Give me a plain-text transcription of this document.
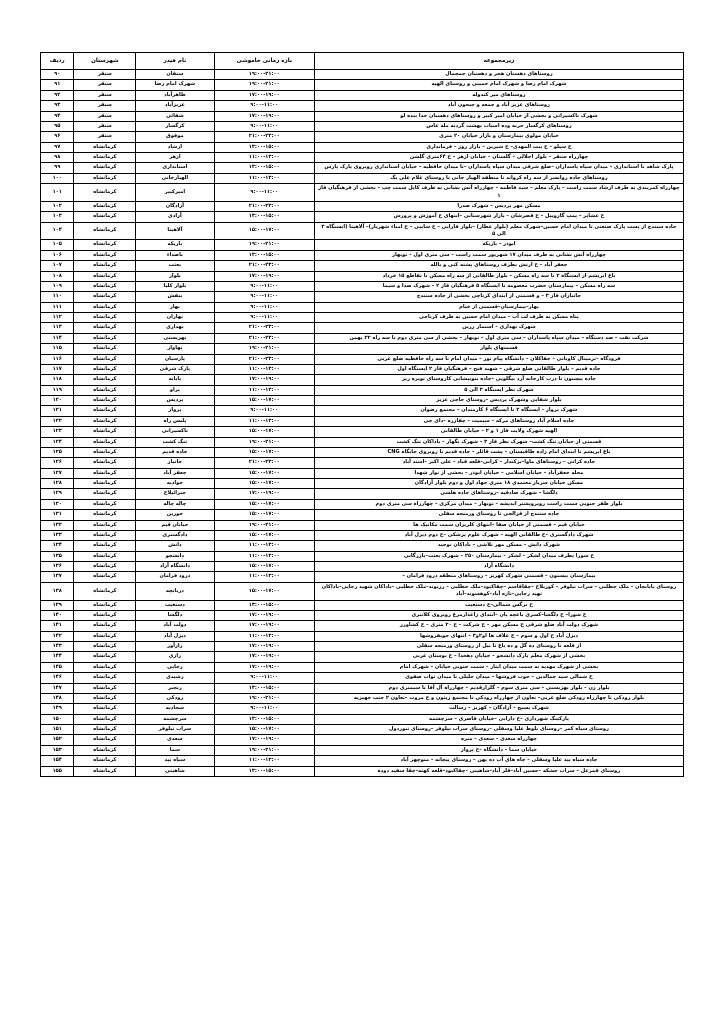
زیرمجموعه	بازه زمانی خاموشی	نام فیدر	شهرستان	ردیف
روستاهای دهستان هجر و دهستان جمجمال	۱۹:۰۰-۲۱:۰۰	سنقان	سنقر	۹۰
شهرک امام رضا و شهرک امام خمینی و روستای الهیه	۱۹:۰۰-۲۱:۰۰	شهرک امام رضا	سنقر	۹۱
روستاهای میر کندوله	۱۷:۰۰-۱۹:۰۰	طاهرآباد	سنقر	۹۲
روستاهای عزیز آباد و جمعه و جیحون آباد	۹:۰۰-۱۱:۰۰	عزیزآباد	سنقر	۹۳
شهرک تاکسیرانی و بخشی از خیابان امیر کبیر و روستاهای دهستان خدا بنده لو	۱۷:۰۰-۱۹:۰۰	شفائی	سنقر	۹۴
روستاهای کرگسار حربه وده اسباب بهشت گردنه مله عاس	۹:۰۰-۱۱:۰۰	کرگسار	سنقر	۹۵
خیابان مولوی بیمارستان و بازار خیابان ۲۰ متری	۲۱:۰۰-۲۳:۰۰	موفوق	سنقر	۹۶
خ سیلو – خ بیت المهدی– خ شیرین – بازار روز – فرمانداری	۱۳:۰۰-۱۵:۰۰	ارشاد	کرمانشاه	۹۷
چهارراه سنقر – بلوار اجلالی – گلستان – خیابان ازهر – خ ۶۴متری گلشن	۱۱:۰۰-۱۳:۰۰	ازهر	کرمانشاه	۹۸
پارک شاهد تا استانداری – میدان سپاه پاسداران –ضلع شرقی میدان سپاه پاسداران –تا میدان حافظیه – خیابان استانداری روبروی پارک پارس	۱۳:۰۰-۱۵:۰۰	استانداری	کرمانشاه	۹۹
روستاهای جاده روانسر از سه راه کرواند تا منطقه الهیار خانی تا روستای غلام علی بگ	۱۱:۰۰-۱۳:۰۰	الهیارخانی	کرمانشاه	۱۰۰
چهارراه کمربندی به طرف ارشاد سمت راست – پارک معلم – سید فاطمه – چهارراه آتش نشانی به طرف کابل سمت چپ – بخشی از فرهنگیان فاز ۱	۹:۰۰-۱۱:۰۰	امیرکبیر	کرمانشاه	۱۰۱
مسکن مهر پردیس – شهرک صدرا	۲۱:۰۰-۲۳:۰۰	آزادگان	کرمانشاه	۱۰۲
خ عشایر – پمپ گازوییل – خ قصرشان – بازار شهرستانی –انتهای خ آموزش و پرورش	۱۳:۰۰-۱۵:۰۰	آزادی	کرمانشاه	۱۰۳
جاده سنندج از پست پارک صنعتی تا میدان امام حسین–شهرک معلم (بلوار عطار) –بلوار فارابی – خ ساببی – خ امناء شهریار)– آلاهینا (ایستگاه ۳ الی ۵	۱۵:۰۰-۱۷:۰۰	آلاهینا	کرمانشاه	۱۰۴
ابوذر – باریکه	۱۹:۰۰-۲۱:۰۰	باریکه	کرمانشاه	۱۰۵
چهارراه آتش نشانی به طرف میدان ۱۷ شهریور سمت راست – سی متری اول – نوبهار	۱۳:۰۰-۱۵:۰۰	باصداء	کرمانشاه	۱۰۶
جعفر آباد – خ ارتش بطرف روستاهای پشته کنی و بالله	۲۱:۰۰-۲۳:۰۰	بعثت	کرمانشاه	۱۰۷
باغ ابریشم از ایستگاه ۲ تا سه راه مسکن – بلوار طالقانی از سه راه مسکن تا تقاطع ۱۵ خرداد	۱۷:۰۰-۱۹:۰۰	بلوار	کرمانشاه	۱۰۸
سه راه مسکن – بیمارستان حضرت معصومه تا ایستگاه ۵ فرهنگیان فاز ۲ – شهرک صدا و سیما	۹:۰۰-۱۱:۰۰	بلوار کلیا	کرمانشاه	۱۰۹
جانبازان فاز ۳ – و قسمتی از ابتدای کرناچی بخشی از جاده سنندج	۹:۰۰-۱۱:۰۰	بنفش	کرمانشاه	۱۱۰
بهار–بیمارستان–قسمتی از خیام	۹:۰۰-۱۱:۰۰	بهار	کرمانشاه	۱۱۱
پناه مسکن به طرف لب آب – میدان امام حسین به طرف کرناچی	۹:۰۰-۱۱:۰۰	بهاران	کرمانشاه	۱۱۲
شهرک بهداری – استمار زرین	۲۱:۰۰-۲۳:۰۰	بهداری	کرمانشاه	۱۱۳
شرکت نفت – صد دستگاه – میدان سپاه پاسداران – سی متری اول – نوبهار – بخشی از سی متری دوم تا سه راه ۲۲ بهمن	۲۱:۰۰-۲۳:۰۰	بهزیستی	کرمانشاه	۱۱۴
قسمتهای بلوار	۱۹:۰۰-۲۱:۰۰	بهاوار	کرمانشاه	۱۱۵
فرودگاه –ترمینال کاوبانی – جفاکلان – دانشگاه پیام نور – میدان امام تا سه راه حافظیه ضلع غربی	۲۱:۰۰-۲۳:۰۰	پارسیان	کرمانشاه	۱۱۶
جاده قدیم – بلوار طالقانی ضلع شرقی – شهید فتح – فرهنگیان فاز ۲ ایستگاه اول	۱۱:۰۰-۱۳:۰۰	پارک شرقی	کرمانشاه	۱۱۷
جاده بیستون تا درب کارخانه آرد بیگلویی –جاده بتونیشابی کاروستای نوبره ریز	۱۷:۰۰-۱۹:۰۰	پایانه	کرمانشاه	۱۱۸
شهرک نظر ایستگاه ۳ الی ۵	۱۱:۰۰-۱۳:۰۰	پراو	کرمانشاه	۱۱۹
بلوار شفایی وشهرک پردیس –روستای حاجی عزیز	۱۵:۰۰-۱۷:۰۰	پردیس	کرمانشاه	۱۲۰
شهرک پرواز – ایستگاه ۲ تا ایستگاه ۶ کارمندان – مجتمع رضوان	۹:۰۰-۱۱:۰۰	پرواز	کرمانشاه	۱۲۱
جاده اسلام آباد روستاهای مرکه – سیمیت – چقازره –دای جی	۱۱:۰۰-۱۳:۰۰	پلیس راه	کرمانشاه	۱۲۲
الهیه شهرک ولایت فاز ۱ و ۲ – خیابان طالقانی	۱۵:۰۰-۱۷:۰۰	تاکسیرانی	کرمانشاه	۱۲۳
قسمتی از خیابان تنگ کشت– شهرک نظر فاز ۳ – شهرک نگهار – باداکان تنگ کشت	۱۹:۰۰-۲۱:۰۰	تنگ کشت	کرمانشاه	۱۲۴
باغ ابریشم تا ابتدای امام زاده طاقبستان – پشت قائلر – جاده قدیم تا روبروی جایگاه CNG	۱۵:۰۰-۱۷:۰۰	جاده قدیم	کرمانشاه	۱۲۵
جاده کرانی – روستاهای ماوا–بزکندار – کرانی–قلعه قباد – علی اکبر –اسند آباد	۲۱:۰۰-۲۳:۰۰	جانباز	کرمانشاه	۱۲۶
محله جعفرآباد – خیابان اسلامی – خیابان ابوذر – بخشی از نوار شهدا	۱۵:۰۰-۱۷:۰۰	جعفر آباد	کرمانشاه	۱۲۷
مسکن خیابان سرباز معتمدی ۱۸ متری جهاد اول و دوم بلوار آزادگان	۱۵:۰۰-۱۷:۰۰	جوادیه	کرمانشاه	۱۲۸
دلگشا – شهرک صادقیه –روستاهای جاده هلشی	۱۷:۰۰-۱۹:۰۰	جبرائیلاخ	کرمانشاه	۱۲۹
بلوار ظفر جنوبی سمت راست روبروبشتر اندیشه – نوبهار – میدان مرکزی – چهارراه سی متری دوم	۱۵:۰۰-۱۷:۰۰	چاله چاله	کرمانشاه	۱۳۰
جاده سنندج از قزالجی تا روستای ورمنجه سفلی	۱۵:۰۰-۱۷:۰۰	خورین	کرمانشاه	۱۳۱
خیابان قیم – قسمتی از خیابان صفا –انتهای کلریزان سمت مکانیک ها	۱۹:۰۰-۲۱:۰۰	خیابان قیم	کرمانشاه	۱۳۲
شهرک دادگستری –خ طالقانی الهیه – شهرک علوم پزشکی –خ دوم دیزل آباد	۱۵:۰۰-۱۷:۰۰	دادگستری	کرمانشاه	۱۳۳
شهرک دانش – مسکن مهر تلاشی – باداکان توحید	۱۱:۰۰-۱۳:۰۰	دانش	کرمانشاه	۱۳۴
خ شورا بطرف میدان لشکر – لشکر – بیمارستان ۲۵۰ – شهرک بعثت–بازرگانی	۱۱:۰۰-۱۳:۰۰	دانشجو	کرمانشاه	۱۳۵
دانشگاه آزاد	۱۵:۰۰-۱۷:۰۰	دانشگاه آزاد	کرمانشاه	۱۳۶
بیمارستان بیستون – قسمتی شهرک کهریز – روستاهای منطقه درود فرامان –	۱۱:۰۰-۱۳:۰۰	درود فرامان	کرمانشاه	۱۳۷
روستای بابانجان – ملک خطلبی – سراب نیلوفر – کوربلاخ –چقاقاسم –چقاکبود–ملک خطلبی – رزیوند–ملک خطلبی –باداکان شهید رجایی–باداکان نهید رجایی–تازه آباد–کوهسوند–آباد	۱۵:۰۰-۱۷:۰۰	دربابچه	کرمانشاه	۱۳۸
خ نرگس شمالی–خ دستغیب	۱۳:۰۰-۱۵:۰۰	دستغیب	کرمانشاه	۱۳۹
خ شورا– خ دلگشا–کسری باغچه بان –ابتدای زاغذارمرغ روبروی کلانتری	۱۷:۰۰-۱۹:۰۰	دلگشا	کرمانشاه	۱۴۰
شهرک دولت آباد ضلع شرقی خ مسکن مهر – خ شرکت – خ ۲۰ متری – خ کشاورز	۱۷:۰۰-۱۹:۰۰	دولت آباد	کرمانشاه	۱۴۱
دیزل آباد خ اول و سوم – خ علاف ها او۲و۳ – انتهای جویفروشها	۱۱:۰۰-۱۳:۰۰	دیزل آباد	کرمانشاه	۱۴۲
از قلعه تا روستای ده گل و ده باغ تا نیل از روستای ورمنجه سفلی	۱۷:۰۰-۱۹:۰۰	رازآور	کرمانشاه	۱۴۳
بخشی از شهرک معلم پارک دانشجو – خیابان دهخدا – خ بوستان غربی	۱۷:۰۰-۱۹:۰۰	رازی	کرمانشاه	۱۴۴
بخشی از شهرک مهدیه به سمت میدان ایثار – سمت جنوبی خیابان – شهرک امام	۱۷:۰۰-۱۹:۰۰	رجایی	کرمانشاه	۱۴۵
خ شمالی سید جمالدین – جوب فروشها – میدان جلیلی تا میدان نواب صفوی	۹:۰۰-۱۱:۰۰	رشیدی	کرمانشاه	۱۴۶
بلوار زن – بلوار بهزیستی – سی متری سوم – گلزارقدیم – چهارراه آل آقا تا سیمتری دوم	۱۳:۰۰-۱۵:۰۰	رنجبر	کرمانشاه	۱۴۷
بلوار رودکی تا چهارراه رودکی ضلع غربی– تعاون از چهارراه رودکی تا مجتمع زیتون و خ مروت –تعاون ۲ جنب جهیزیه	۱۹:۰۰-۲۱:۰۰	رودکی	کرمانشاه	۱۴۸
شهرک بسیج – آزادگان – کهریز – رسالت	۹:۰۰-۱۱:۰۰	سجادیه	کرمانشاه	۱۴۹
پارکینگ شهرداری –خ دارابی –خیابان قاصری – سرچشمه	۱۳:۰۰-۱۵:۰۰	سرچشمه	کرمانشاه	۱۵۰
روستای سیاه کمر –روستای بلوط علیا وسفلی –روستای سراب نیلوفر –روستای تنوردول	۱۵:۰۰-۱۷:۰۰	سراب نیلوفر	کرمانشاه	۱۵۱
چهارراه سعدی – سعدی – متره	۱۷:۰۰-۱۹:۰۰	سعدی	کرمانشاه	۱۵۲
خیابان سما – دانشگاه –خ پرواز	۱۹:۰۰-۲۱:۰۰	سما	کرمانشاه	۱۵۳
جاده سیاه بید علیا وسفلی – چاه های آب ده بهن – روستای پیچانه – منوچهر آباد	۱۱:۰۰-۱۳:۰۰	سیاه بید	کرمانشاه	۱۵۴
روستای قمرعل – سراب خشکه –حسین آباد–قلر آباد–شاهینی –چقاکبود–قلعه کهنه–چقا سفید دوده	۱۳:۰۰-۱۵:۰۰	شاهینی	کرمانشاه	۱۵۵
